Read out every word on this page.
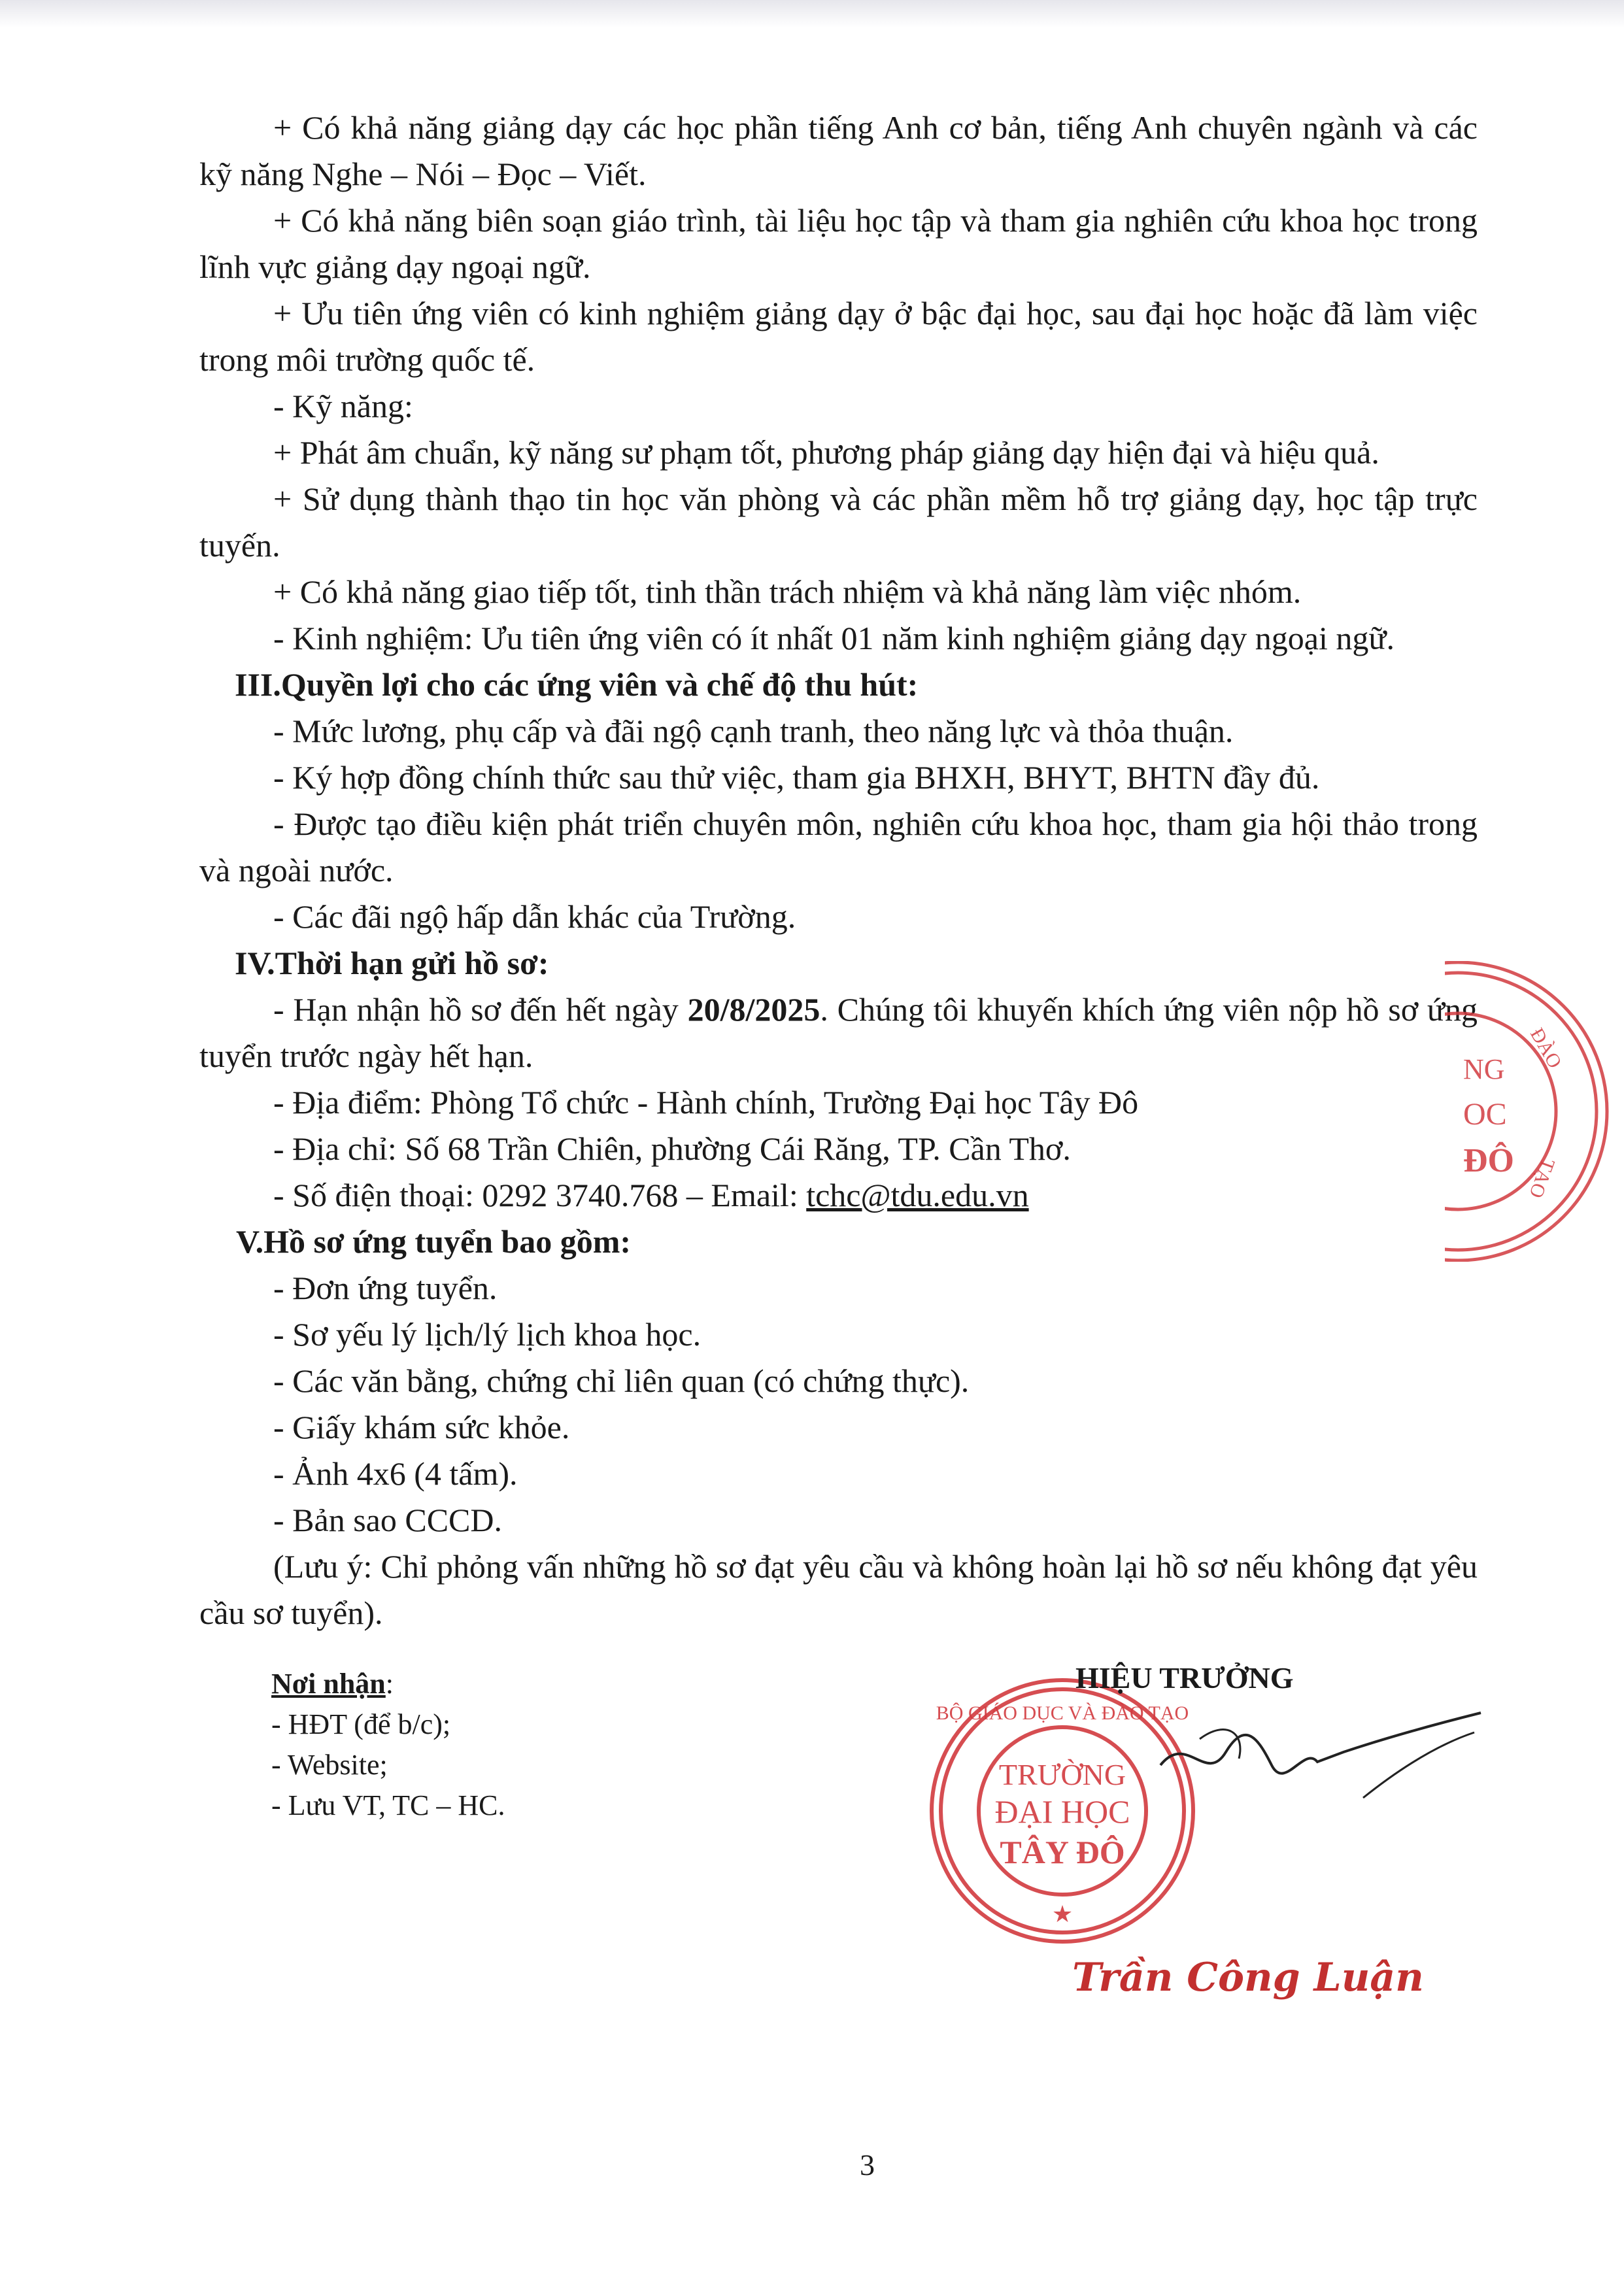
+ Có khả năng giảng dạy các học phần tiếng Anh cơ bản, tiếng Anh chuyên ngành và các kỹ năng Nghe – Nói – Đọc – Viết.

+ Có khả năng biên soạn giáo trình, tài liệu học tập và tham gia nghiên cứu khoa học trong lĩnh vực giảng dạy ngoại ngữ.

+ Ưu tiên ứng viên có kinh nghiệm giảng dạy ở bậc đại học, sau đại học hoặc đã làm việc trong môi trường quốc tế.

- Kỹ năng:

+ Phát âm chuẩn, kỹ năng sư phạm tốt, phương pháp giảng dạy hiện đại và hiệu quả.

+ Sử dụng thành thạo tin học văn phòng và các phần mềm hỗ trợ giảng dạy, học tập trực tuyến.

+ Có khả năng giao tiếp tốt, tinh thần trách nhiệm và khả năng làm việc nhóm.

- Kinh nghiệm: Ưu tiên ứng viên có ít nhất 01 năm kinh nghiệm giảng dạy ngoại ngữ.

III.Quyền lợi cho các ứng viên và chế độ thu hút:

- Mức lương, phụ cấp và đãi ngộ cạnh tranh, theo năng lực và thỏa thuận.

- Ký hợp đồng chính thức sau thử việc, tham gia BHXH, BHYT, BHTN đầy đủ.

- Được tạo điều kiện phát triển chuyên môn, nghiên cứu khoa học, tham gia hội thảo trong và ngoài nước.

- Các đãi ngộ hấp dẫn khác của Trường.

IV.Thời hạn gửi hồ sơ:

- Hạn nhận hồ sơ đến hết ngày 20/8/2025. Chúng tôi khuyến khích ứng viên nộp hồ sơ ứng tuyển trước ngày hết hạn.

- Địa điểm: Phòng Tổ chức - Hành chính, Trường Đại học Tây Đô

- Địa chỉ: Số 68 Trần Chiên, phường Cái Răng, TP. Cần Thơ.

- Số điện thoại: 0292 3740.768 – Email: tchc@tdu.edu.vn

V.Hồ sơ ứng tuyển bao gồm:

- Đơn ứng tuyển.

- Sơ yếu lý lịch/lý lịch khoa học.

- Các văn bằng, chứng chỉ liên quan (có chứng thực).

- Giấy khám sức khỏe.

- Ảnh 4x6 (4 tấm).

- Bản sao CCCD.

(Lưu ý: Chỉ phỏng vấn những hồ sơ đạt yêu cầu và không hoàn lại hồ sơ nếu không đạt yêu cầu sơ tuyển).

Nơi nhận:
- HĐT (để b/c);
- Website;
- Lưu VT, TC – HC.
NG
OC
ĐÔ
ĐÀO
TẠO
BỘ GIÁO DỤC VÀ ĐÀO TẠO
TRƯỜNG
ĐẠI HỌC
TÂY ĐÔ
★
HIỆU TRƯỞNG
Trần Công Luận
3
